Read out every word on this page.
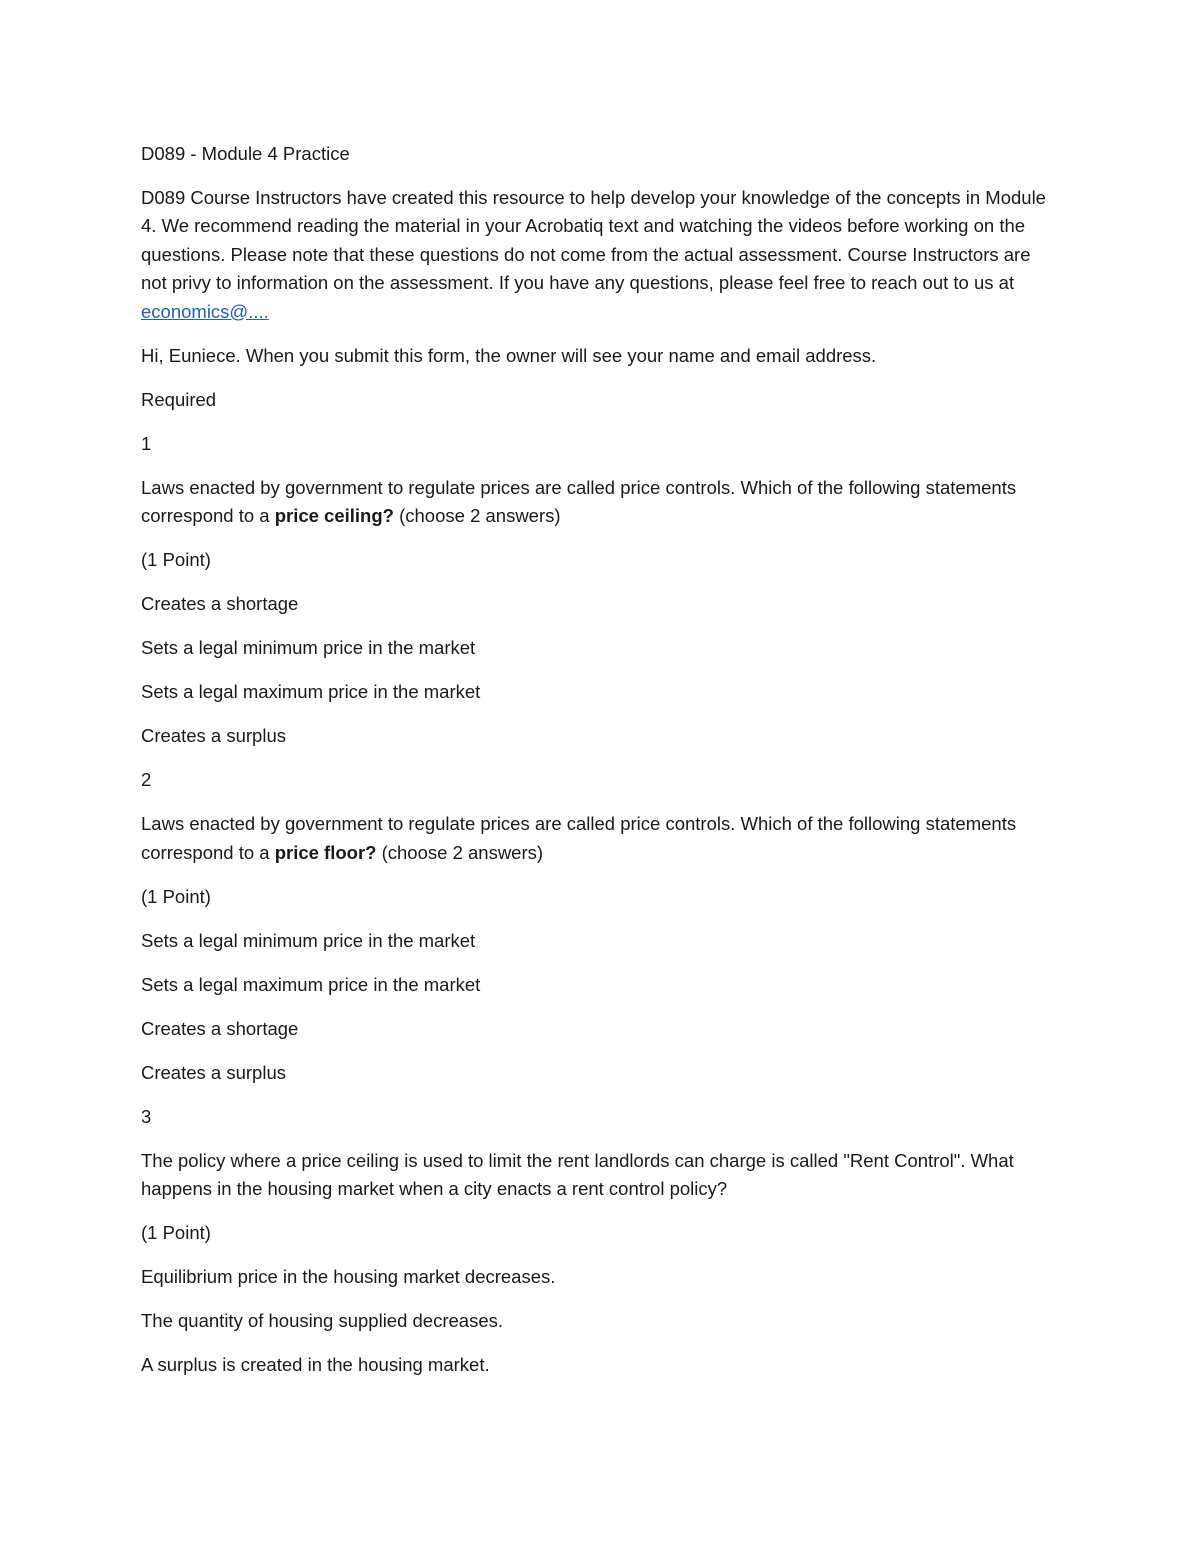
D089 - Module 4 Practice

D089 Course Instructors have created this resource to help develop your knowledge of the concepts in Module 4. We recommend reading the material in your Acrobatiq text and watching the videos before working on the questions. Please note that these questions do not come from the actual assessment. Course Instructors are not privy to information on the assessment. If you have any questions, please feel free to reach out to us at economics@....

Hi, Euniece. When you submit this form, the owner will see your name and email address.

Required

1

Laws enacted by government to regulate prices are called price controls. Which of the following statements correspond to a price ceiling? (choose 2 answers)

(1 Point)

Creates a shortage

Sets a legal minimum price in the market

Sets a legal maximum price in the market

Creates a surplus

2

Laws enacted by government to regulate prices are called price controls. Which of the following statements correspond to a price floor? (choose 2 answers)

(1 Point)

Sets a legal minimum price in the market

Sets a legal maximum price in the market

Creates a shortage

Creates a surplus

3

The policy where a price ceiling is used to limit the rent landlords can charge is called "Rent Control". What happens in the housing market when a city enacts a rent control policy?

(1 Point)

Equilibrium price in the housing market decreases.

The quantity of housing supplied decreases.

A surplus is created in the housing market.
